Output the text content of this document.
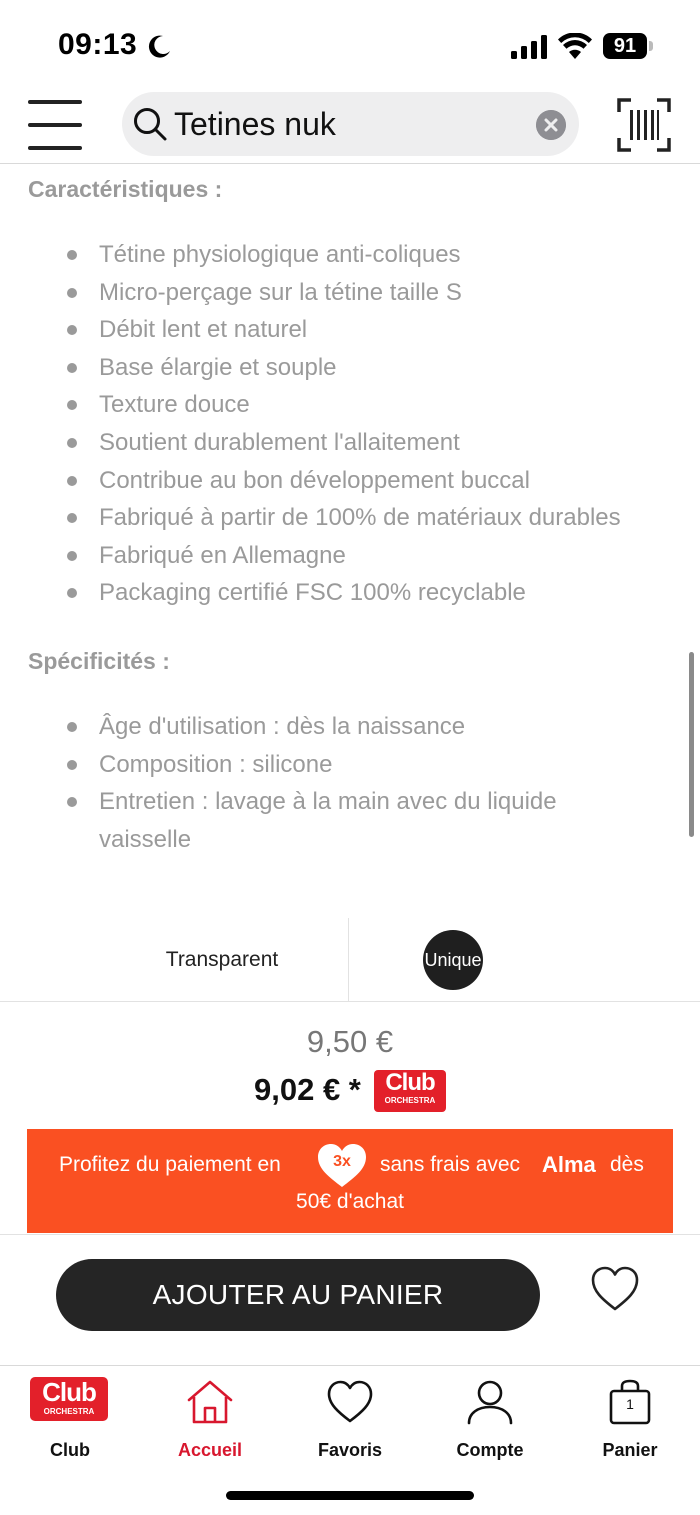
09:13	91
Tetines nuk
Caractéristiques :
Tétine physiologique anti-coliques
Micro-perçage sur la tétine taille S
Débit lent et naturel
Base élargie et souple
Texture douce
Soutient durablement l'allaitement
Contribue au bon développement buccal
Fabriqué à partir de 100% de matériaux durables
Fabriqué en Allemagne
Packaging certifié FSC 100% recyclable
Spécificités :
Âge d'utilisation : dès la naissance
Composition : silicone
Entretien : lavage à la main avec du liquide vaisselle
Transparent	Unique
9,50 €
9,02 € *	Club
ORCHESTRA
Profitez du paiement en	3x	sans frais avec Alma dès
50€ d'achat
AJOUTER AU PANIER
Club
ORCHESTRA
Club	Accueil	Favoris	Compte
1
Panier
